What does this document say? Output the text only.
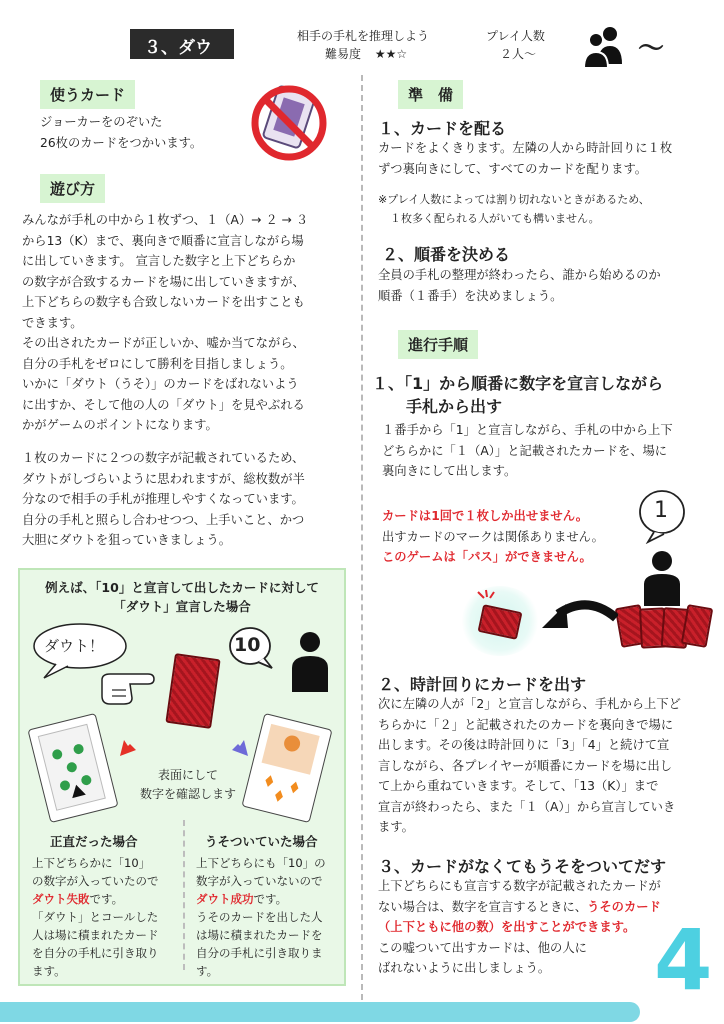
３、ダウト
相手の手札を推理しよう
難易度 ★★☆
プレイ人数
２人～	～
使うカード
ジョーカーをのぞいた
26枚のカードをつかいます。
遊び方
みんなが手札の中から１枚ずつ、１（A）→ ２ → ３
から13（K）まで、裏向きで順番に宣言しながら場
に出していきます。 宣言した数字と上下どちらか
の数字が合致するカードを場に出していきますが、
上下どちらの数字も合致しないカードを出すことも
できます。
その出されたカードが正しいか、嘘か当てながら、
自分の手札をゼロにして勝利を目指しましょう。
いかに「ダウト（うそ）」のカードをばれないよう
に出すか、そして他の人の「ダウト」を見やぶれる
かがゲームのポイントになります。
１枚のカードに２つの数字が記載されているため、
ダウトがしづらいように思われますが、総枚数が半
分なので相手の手札が推理しやすくなっています。
自分の手札と照らし合わせつつ、上手いこと、かつ
大胆にダウトを狙っていきましょう。
例えば、「10」と宣言して出したカードに対して
「ダウト」宣言した場合
ダウト！	10
表面にして
数字を確認します
正直だった場合
上下どちらかに「10」
の数字が入っていたので
ダウト失敗です。
「ダウト」とコールした
人は場に積まれたカード
を自分の手札に引き取り
ます。
うそついていた場合
上下どちらにも「10」の
数字が入っていないので
ダウト成功です。
うそのカードを出した人
は場に積まれたカードを
自分の手札に引き取りま
す。
準　備
１、カードを配る
カードをよくきります。左隣の人から時計回りに１枚
ずつ裏向きにして、すべてのカードを配ります。
※プレイ人数によっては割り切れないときがあるため、
１枚多く配られる人がいても構いません。
２、順番を決める
全員の手札の整理が終わったら、誰から始めるのか
順番（１番手）を決めましょう。
進行手順
１、「1」から順番に数字を宣言しながら
手札から出す
１番手から「1」と宣言しながら、手札の中から上下
どちらかに「１（A）」と記載されたカードを、場に
裏向きにして出します。
カードは1回で１枚しか出せません。
出すカードのマークは関係ありません。
このゲームは「パス」ができません。
1
２、時計回りにカードを出す
次に左隣の人が「2」と宣言しながら、手札から上下ど
ちらかに「２」と記載されたのカードを裏向きで場に
出します。その後は時計回りに「3」「4」と続けて宣
言しながら、各プレイヤーが順番にカードを場に出し
て上から重ねていきます。そして、「13（K）」まで
宣言が終わったら、また「１（A）」から宣言していき
ます。
３、カードがなくてもうそをついてだす
上下どちらにも宣言する数字が記載されたカードが
ない場合は、数字を宣言するときに、うそのカード
（上下ともに他の数）を出すことができます。
この嘘ついて出すカードは、他の人に
ばれないように出しましょう。	4
